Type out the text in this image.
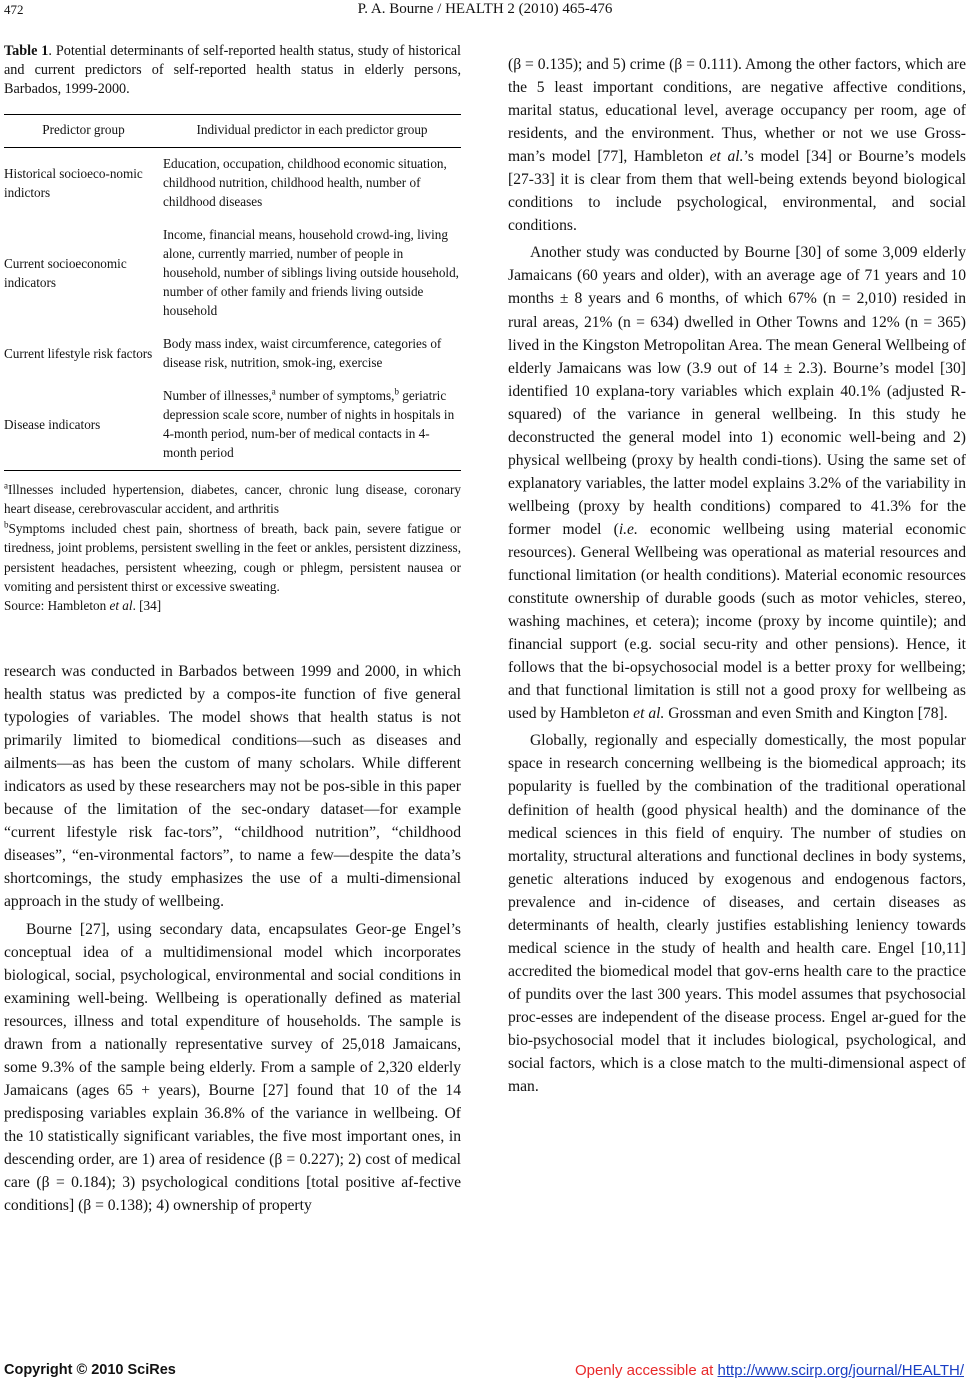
472	P. A. Bourne / HEALTH 2 (2010) 465-476

Table 1. Potential determinants of self-reported health status, study of historical and current predictors of self-reported health status in elderly persons, Barbados, 1999-2000.

Predictor group	Individual predictor in each predictor group
Historical socioeco-nomic indictors	Education, occupation, childhood economic situation, childhood nutrition, childhood health, number of childhood diseases
Current socioeconomic indicators	Income, financial means, household crowd-ing, living alone, currently married, number of people in household, number of siblings living outside household, number of other family and friends living outside household
Current lifestyle risk factors	Body mass index, waist circumference, categories of disease risk, nutrition, smok-ing, exercise
Disease indicators	Number of illnesses,$^a$ number of symptoms,$^b$ geriatric depression scale score, number of nights in hospitals in 4-month period, num-ber of medical contacts in 4-month period

$^a$Illnesses included hypertension, diabetes, cancer, chronic lung disease, coronary heart disease, cerebrovascular accident, and arthritis

$^b$Symptoms included chest pain, shortness of breath, back pain, severe fatigue or tiredness, joint problems, persistent swelling in the feet or ankles, persistent dizziness, persistent headaches, persistent wheezing, cough or phlegm, persistent nausea or vomiting and persistent thirst or excessive sweating.

Source: Hambleton et al. [34]

research was conducted in Barbados between 1999 and 2000, in which health status was predicted by a compos-ite function of five general typologies of variables. The model shows that health status is not primarily limited to biomedical conditions—such as diseases and ailments—as has been the custom of many scholars. While different indicators as used by these researchers may not be pos-sible in this paper because of the limitation of the sec-ondary dataset—for example “current lifestyle risk fac-tors”, “childhood nutrition”, “childhood diseases”, “en-vironmental factors”, to name a few—despite the data’s shortcomings, the study emphasizes the use of a multi-dimensional approach in the study of wellbeing.

Bourne [27], using secondary data, encapsulates Geor-ge Engel’s conceptual idea of a multidimensional model which incorporates biological, social, psychological, environmental and social conditions in examining well-being. Wellbeing is operationally defined as material resources, illness and total expenditure of households. The sample is drawn from a nationally representative survey of 25,018 Jamaicans, some 9.3% of the sample being elderly. From a sample of 2,320 elderly Jamaicans (ages 65 + years), Bourne [27] found that 10 of the 14 predisposing variables explain 36.8% of the variance in wellbeing. Of the 10 statistically significant variables, the five most important ones, in descending order, are 1) area of residence (β = 0.227); 2) cost of medical care (β = 0.184); 3) psychological conditions [total positive af-fective conditions] (β = 0.138); 4) ownership of property

(β = 0.135); and 5) crime (β = 0.111). Among the other factors, which are the 5 least important conditions, are negative affective conditions, marital status, educational level, average occupancy per room, age of residents, and the environment. Thus, whether or not we use Gross-man’s model [77], Hambleton et al.’s model [34] or Bourne’s models [27-33] it is clear from them that well-being extends beyond biological conditions to include psychological, environmental, and social conditions.

Another study was conducted by Bourne [30] of some 3,009 elderly Jamaicans (60 years and older), with an average age of 71 years and 10 months ± 8 years and 6 months, of which 67% (n = 2,010) resided in rural areas, 21% (n = 634) dwelled in Other Towns and 12% (n = 365) lived in the Kingston Metropolitan Area. The mean General Wellbeing of elderly Jamaicans was low (3.9 out of 14 ± 2.3). Bourne’s model [30] identified 10 explana-tory variables which explain 40.1% (adjusted R-squared) of the variance in general wellbeing. In this study he deconstructed the general model into 1) economic well-being and 2) physical wellbeing (proxy by health condi-tions). Using the same set of explanatory variables, the latter model explains 3.2% of the variability in wellbeing (proxy by health conditions) compared to 41.3% for the former model (i.e. economic wellbeing using material economic resources). General Wellbeing was operational as material resources and functional limitation (or health conditions). Material economic resources constitute ownership of durable goods (such as motor vehicles, stereo, washing machines, et cetera); income (proxy by income quintile); and financial support (e.g. social secu-rity and other pensions). Hence, it follows that the bi-opsychosocial model is a better proxy for wellbeing; and that functional limitation is still not a good proxy for wellbeing as used by Hambleton et al. Grossman and even Smith and Kington [78].

Globally, regionally and especially domestically, the most popular space in research concerning wellbeing is the biomedical approach; its popularity is fuelled by the combination of the traditional operational definition of health (good physical health) and the dominance of the medical sciences in this field of enquiry. The number of studies on mortality, structural alterations and functional declines in body systems, genetic alterations induced by exogenous and endogenous factors, prevalence and in-cidence of diseases, and certain diseases as determinants of health, clearly justifies establishing leniency towards medical science in the study of health and health care. Engel [10,11] accredited the biomedical model that gov-erns health care to the practice of pundits over the last 300 years. This model assumes that psychosocial proc-esses are independent of the disease process. Engel ar-gued for the bio-psychosocial model that it includes biological, psychological, and social factors, which is a close match to the multi-dimensional aspect of man.

Copyright © 2010 SciRes	Openly accessible at http://www.scirp.org/journal/HEALTH/
